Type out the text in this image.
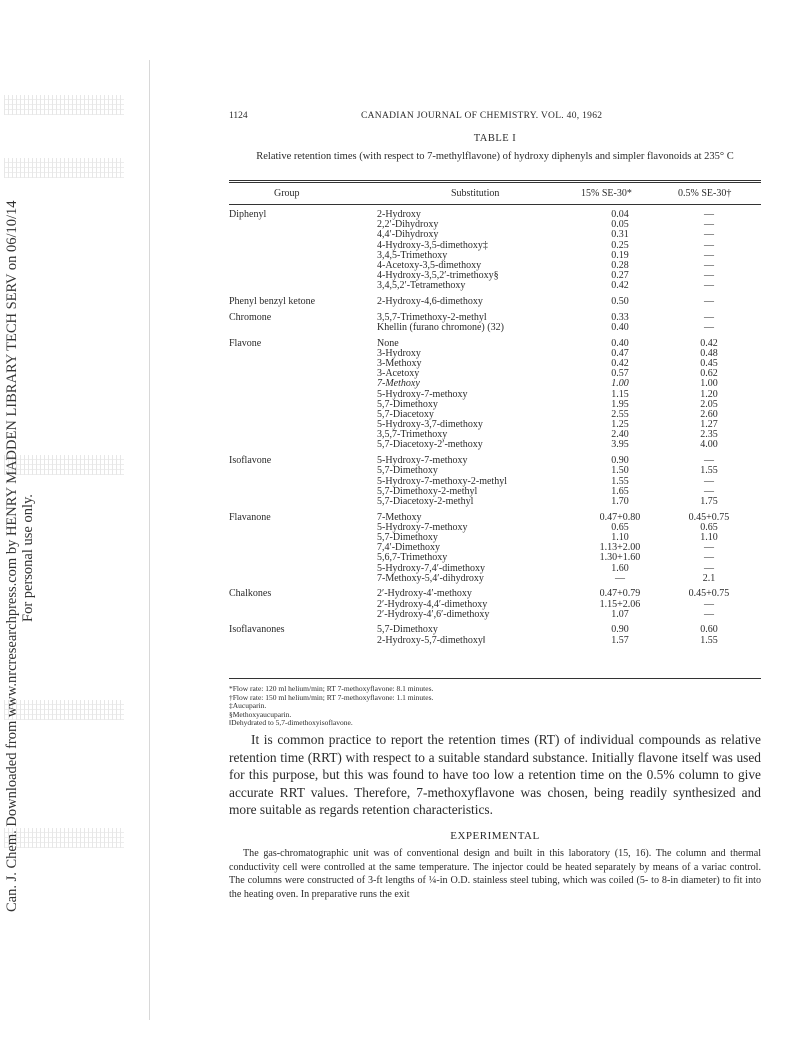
Can. J. Chem. Downloaded from www.nrcresearchpress.com by HENRY MADDEN LIBRARY TECH SERV on 06/10/14 For personal use only.
1124	CANADIAN JOURNAL OF CHEMISTRY. VOL. 40, 1962
TABLE I
Relative retention times (with respect to 7-methylflavone) of hydroxy diphenyls and simpler flavonoids at 235° C
Group	Substitution	15% SE-30*	0.5% SE-30†
Diphenyl	2-Hydroxy	0.04	—
2,2′-Dihydroxy	0.05	—
4,4′-Dihydroxy	0.31	—
4-Hydroxy-3,5-dimethoxy‡	0.25	—
3,4,5-Trimethoxy	0.19	—
4-Acetoxy-3,5-dimethoxy	0.28	—
4-Hydroxy-3,5,2′-trimethoxy§	0.27	—
3,4,5,2′-Tetramethoxy	0.42	—
Phenyl benzyl ketone	2-Hydroxy-4,6-dimethoxy	0.50	—
Chromone	3,5,7-Trimethoxy-2-methyl	0.33	—
Khellin (furano chromone) (32)	0.40	—
Flavone	None	0.40	0.42
3-Hydroxy	0.47	0.48
3-Methoxy	0.42	0.45
3-Acetoxy	0.57	0.62
7-Methoxy	1.00	1.00
5-Hydroxy-7-methoxy	1.15	1.20
5,7-Dimethoxy	1.95	2.05
5,7-Diacetoxy	2.55	2.60
5-Hydroxy-3,7-dimethoxy	1.25	1.27
3,5,7-Trimethoxy	2.40	2.35
5,7-Diacetoxy-2′-methoxy	3.95	4.00
Isoflavone	5-Hydroxy-7-methoxy	0.90	—
5,7-Dimethoxy	1.50	1.55
5-Hydroxy-7-methoxy-2-methyl	1.55	—
5,7-Dimethoxy-2-methyl	1.65	—
5,7-Diacetoxy-2-methyl	1.70	1.75
Flavanone	7-Methoxy	0.47+0.80	0.45+0.75
5-Hydroxy-7-methoxy	0.65	0.65
5,7-Dimethoxy	1.10	1.10
7,4′-Dimethoxy	1.13+2.00	—
5,6,7-Trimethoxy	1.30+1.60	—
5-Hydroxy-7,4′-dimethoxy	1.60	—
7-Methoxy-5,4′-dihydroxy	—	2.1
Chalkones	2′-Hydroxy-4′-methoxy	0.47+0.79	0.45+0.75
2′-Hydroxy-4,4′-dimethoxy	1.15+2.06	—
2′-Hydroxy-4′,6′-dimethoxy	1.07	—
Isoflavanones	5,7-Dimethoxy	0.90	0.60
2-Hydroxy-5,7-dimethoxy‖	1.57	1.55
*Flow rate: 120 ml helium/min; RT 7-methoxyflavone: 8.1 minutes.
†Flow rate: 150 ml helium/min; RT 7-methoxyflavone: 1.1 minutes.
‡Aucuparin.
§Methoxyaucuparin.
‖Dehydrated to 5,7-dimethoxyisoflavone.
It is common practice to report the retention times (RT) of individual compounds as relative retention time (RRT) with respect to a suitable standard substance. Initially flavone itself was used for this purpose, but this was found to have too low a retention time on the 0.5% column to give accurate RRT values. Therefore, 7-methoxyflavone was chosen, being readily synthesized and more suitable as regards retention characteristics.
EXPERIMENTAL
The gas-chromatographic unit was of conventional design and built in this laboratory (15, 16). The column and thermal conductivity cell were controlled at the same temperature. The injector could be heated separately by means of a variac control. The columns were constructed of 3-ft lengths of ¼-in O.D. stainless steel tubing, which was coiled (5- to 8-in diameter) to fit into the heating oven. In preparative runs the exit
